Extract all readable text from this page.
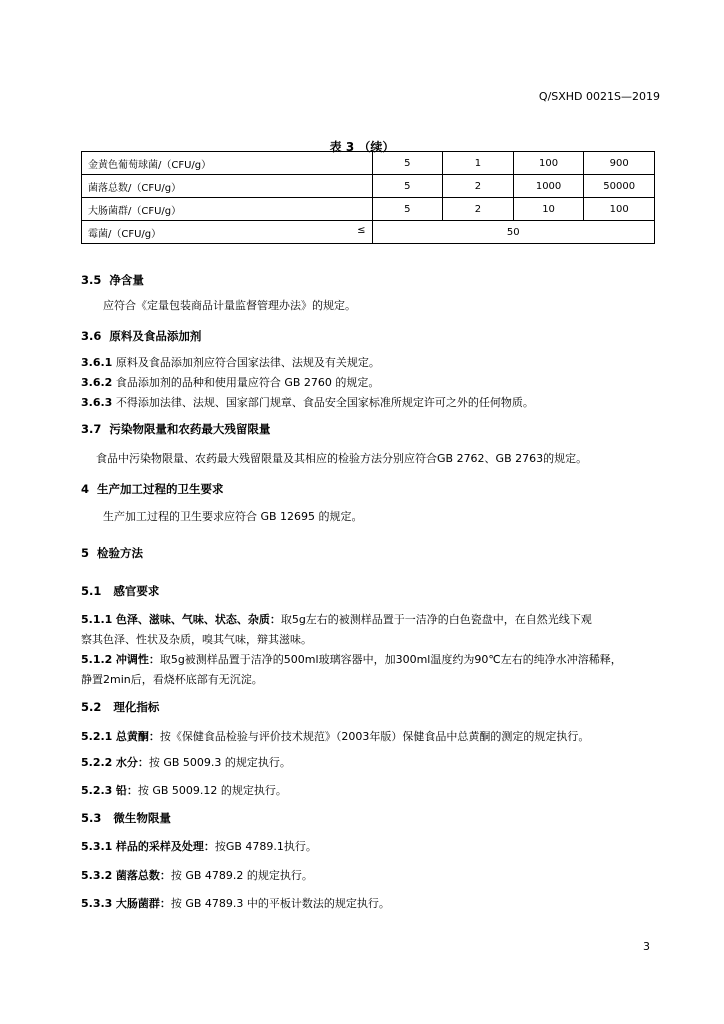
Q/SXHD 0021S—2019
表 3 （续）
金黄色葡萄球菌/（CFU/g）	5	1	100	900
菌落总数/（CFU/g）	5	2	1000	50000
大肠菌群/（CFU/g）	5	2	10	100
霉菌/（CFU/g） ≤	50			
3.5 净含量
应符合《定量包装商品计量监督管理办法》的规定。
3.6 原料及食品添加剂
3.6.1 原料及食品添加剂应符合国家法律、法规及有关规定。
3.6.2 食品添加剂的品种和使用量应符合 GB 2760 的规定。
3.6.3 不得添加法律、法规、国家部门规章、食品安全国家标准所规定许可之外的任何物质。
3.7 污染物限量和农药最大残留限量
食品中污染物限量、农药最大残留限量及其相应的检验方法分别应符合GB 2762、GB 2763的规定。
4 生产加工过程的卫生要求
生产加工过程的卫生要求应符合 GB 12695 的规定。
5 检验方法
5.1 感官要求
5.1.1 色泽、滋味、气味、状态、杂质：取5g左右的被测样品置于一洁净的白色瓷盘中，在自然光线下观
察其色泽、性状及杂质，嗅其气味，辩其滋味。
5.1.2 冲调性：取5g被测样品置于洁净的500ml玻璃容器中，加300ml温度约为90℃左右的纯净水冲溶稀释，
静置2min后，看烧杯底部有无沉淀。
5.2 理化指标
5.2.1 总黄酮：按《保健食品检验与评价技术规范》（2003年版）保健食品中总黄酮的测定的规定执行。
5.2.2 水分：按 GB 5009.3 的规定执行。
5.2.3 铅：按 GB 5009.12 的规定执行。
5.3 微生物限量
5.3.1 样品的采样及处理：按GB 4789.1执行。
5.3.2 菌落总数：按 GB 4789.2 的规定执行。
5.3.3 大肠菌群：按 GB 4789.3 中的平板计数法的规定执行。
3
